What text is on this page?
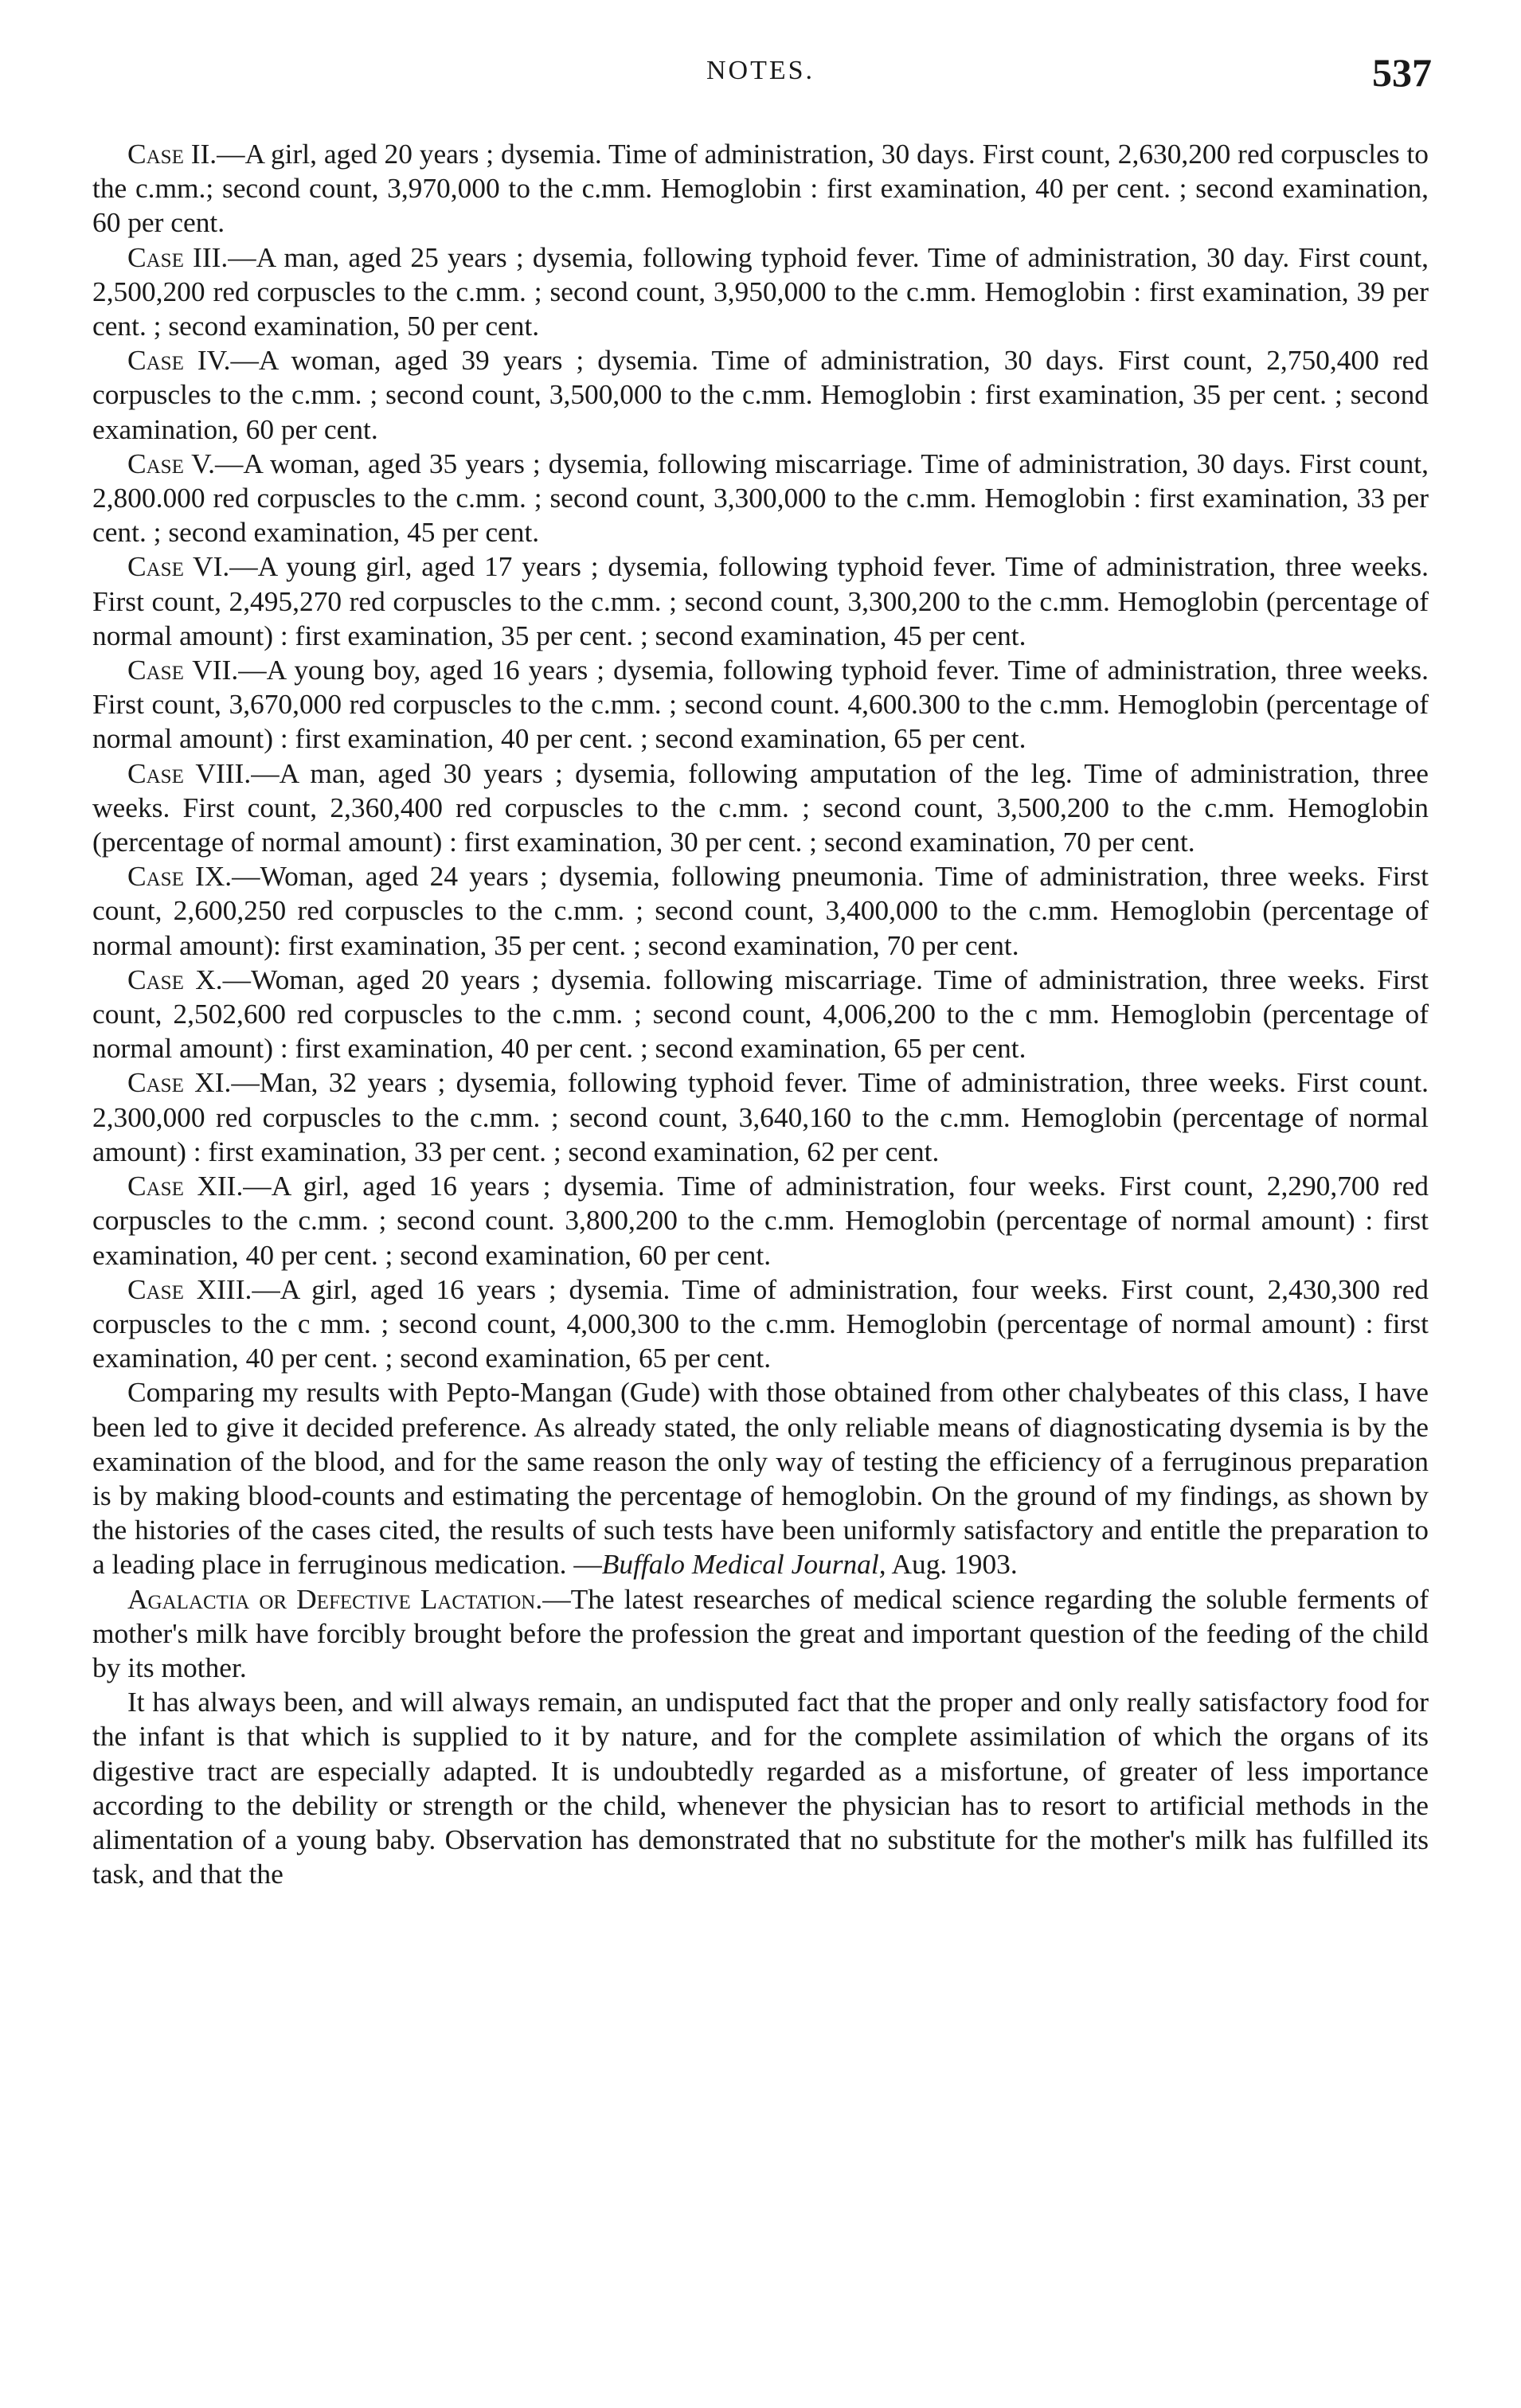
NOTES.	537

Case II.—A girl, aged 20 years ; dysemia. Time of administration, 30 days. First count, 2,630,200 red corpuscles to the c.mm.; second count, 3,970,000 to the c.mm. Hemoglobin : first examination, 40 per cent. ; second examination, 60 per cent.

Case III.—A man, aged 25 years ; dysemia, following typhoid fever. Time of administration, 30 day. First count, 2,500,200 red corpuscles to the c.mm. ; second count, 3,950,000 to the c.mm. Hemoglobin : first examination, 39 per cent. ; second examination, 50 per cent.

Case IV.—A woman, aged 39 years ; dysemia. Time of administration, 30 days. First count, 2,750,400 red corpuscles to the c.mm. ; second count, 3,500,000 to the c.mm. Hemoglobin : first examination, 35 per cent. ; second examination, 60 per cent.

Case V.—A woman, aged 35 years ; dysemia, following miscarriage. Time of administration, 30 days. First count, 2,800.000 red corpuscles to the c.mm. ; second count, 3,300,000 to the c.mm. Hemoglobin : first examination, 33 per cent. ; second examination, 45 per cent.

Case VI.—A young girl, aged 17 years ; dysemia, following typhoid fever. Time of administration, three weeks. First count, 2,495,270 red corpuscles to the c.mm. ; second count, 3,300,200 to the c.mm. Hemoglobin (percentage of normal amount) : first examination, 35 per cent. ; second examination, 45 per cent.

Case VII.—A young boy, aged 16 years ; dysemia, following typhoid fever. Time of administration, three weeks. First count, 3,670,000 red corpuscles to the c.mm. ; second count. 4,600.300 to the c.mm. Hemoglobin (percentage of normal amount) : first examination, 40 per cent. ; second examination, 65 per cent.

Case VIII.—A man, aged 30 years ; dysemia, following amputation of the leg. Time of administration, three weeks. First count, 2,360,400 red corpuscles to the c.mm. ; second count, 3,500,200 to the c.mm. Hemoglobin (percentage of normal amount) : first examination, 30 per cent. ; second examination, 70 per cent.

Case IX.—Woman, aged 24 years ; dysemia, following pneumonia. Time of administration, three weeks. First count, 2,600,250 red corpuscles to the c.mm. ; second count, 3,400,000 to the c.mm. Hemoglobin (percentage of normal amount): first examination, 35 per cent. ; second examination, 70 per cent.

Case X.—Woman, aged 20 years ; dysemia. following miscarriage. Time of administration, three weeks. First count, 2,502,600 red corpuscles to the c.mm. ; second count, 4,006,200 to the c mm. Hemoglobin (percentage of normal amount) : first examination, 40 per cent. ; second examination, 65 per cent.

Case XI.—Man, 32 years ; dysemia, following typhoid fever. Time of administration, three weeks. First count. 2,300,000 red corpuscles to the c.mm. ; second count, 3,640,160 to the c.mm. Hemoglobin (percentage of normal amount) : first examination, 33 per cent. ; second examination, 62 per cent.

Case XII.—A girl, aged 16 years ; dysemia. Time of administration, four weeks. First count, 2,290,700 red corpuscles to the c.mm. ; second count. 3,800,200 to the c.mm. Hemoglobin (percentage of normal amount) : first examination, 40 per cent. ; second examination, 60 per cent.

Case XIII.—A girl, aged 16 years ; dysemia. Time of administration, four weeks. First count, 2,430,300 red corpuscles to the c mm. ; second count, 4,000,300 to the c.mm. Hemoglobin (percentage of normal amount) : first examination, 40 per cent. ; second examination, 65 per cent.

Comparing my results with Pepto-Mangan (Gude) with those obtained from other chalybeates of this class, I have been led to give it decided preference. As already stated, the only reliable means of diagnosticating dysemia is by the examination of the blood, and for the same reason the only way of testing the efficiency of a ferruginous preparation is by making blood-counts and estimating the percentage of hemoglobin. On the ground of my findings, as shown by the histories of the cases cited, the results of such tests have been uniformly satisfactory and entitle the preparation to a leading place in ferruginous medication. —Buffalo Medical Journal, Aug. 1903.

Agalactia or Defective Lactation.—The latest researches of medical science regarding the soluble ferments of mother's milk have forcibly brought before the profession the great and important question of the feeding of the child by its mother.

It has always been, and will always remain, an undisputed fact that the proper and only really satisfactory food for the infant is that which is supplied to it by nature, and for the complete assimilation of which the organs of its digestive tract are especially adapted. It is undoubtedly regarded as a misfortune, of greater of less importance according to the debility or strength or the child, whenever the physician has to resort to artificial methods in the alimentation of a young baby. Observation has demonstrated that no substitute for the mother's milk has fulfilled its task, and that the
